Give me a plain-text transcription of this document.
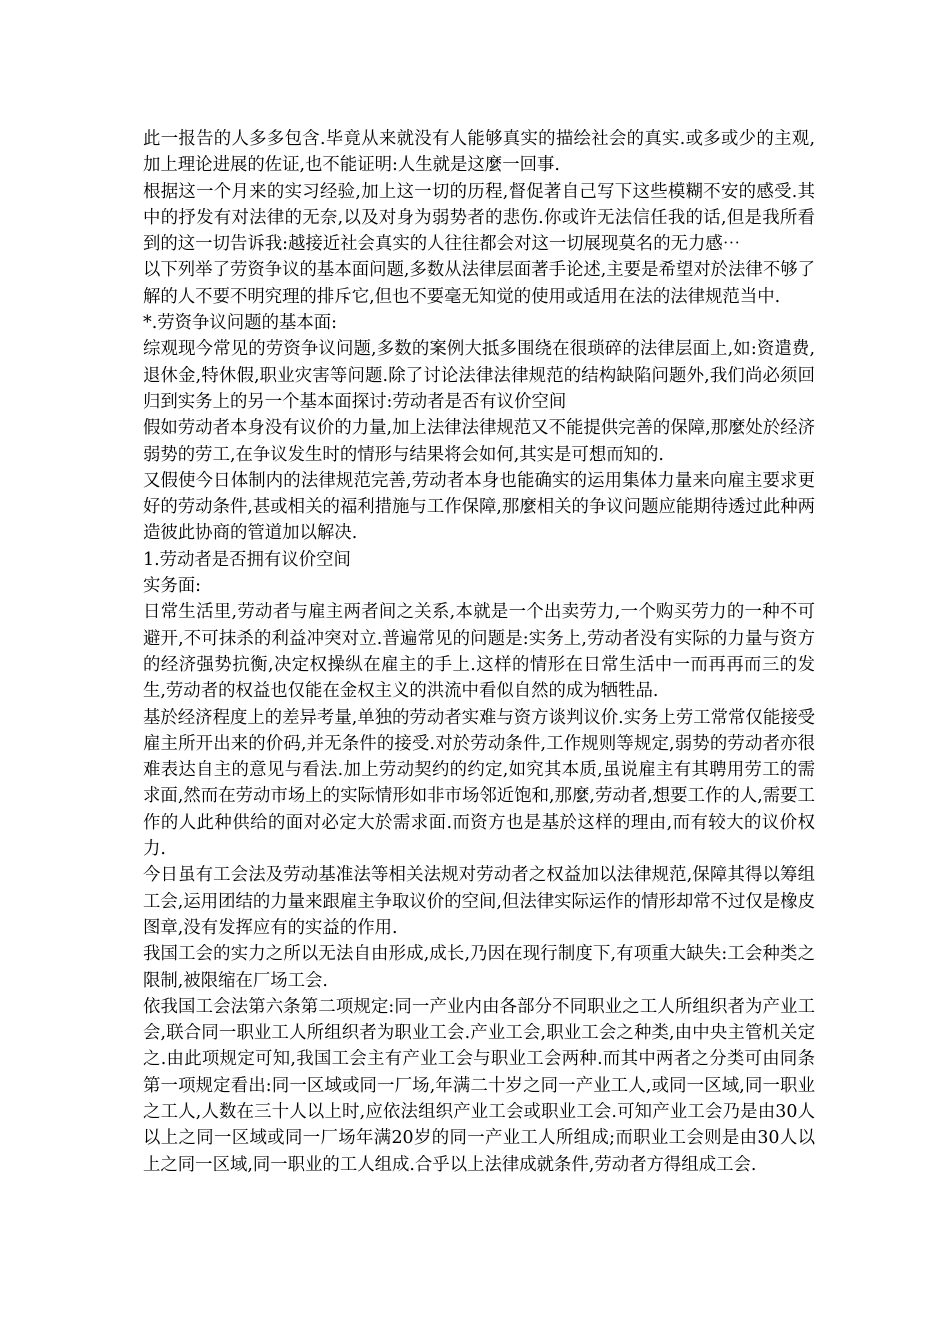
此一报告的人多多包含.毕竟从来就没有人能够真实的描绘社会的真实.或多或少的主观,加上理论进展的佐证,也不能证明:人生就是这麼一回事.

根据这一个月来的实习经验,加上这一切的历程,督促著自己写下这些模糊不安的感受.其中的抒发有对法律的无奈,以及对身为弱势者的悲伤.你或许无法信任我的话,但是我所看到的这一切告诉我:越接近社会真实的人往往都会对这一切展现莫名的无力感⋯

以下列举了劳资争议的基本面问题,多数从法律层面著手论述,主要是希望对於法律不够了解的人不要不明究理的排斥它,但也不要毫无知觉的使用或适用在法的法律规范当中.

*.劳资争议问题的基本面:

综观现今常见的劳资争议问题,多数的案例大抵多围绕在很琐碎的法律层面上,如:资遣费,退休金,特休假,职业灾害等问题.除了讨论法律法律规范的结构缺陷问题外,我们尚必须回归到实务上的另一个基本面探讨:劳动者是否有议价空间

假如劳动者本身没有议价的力量,加上法律法律规范又不能提供完善的保障,那麼处於经济弱势的劳工,在争议发生时的情形与结果将会如何,其实是可想而知的.

又假使今日体制内的法律规范完善,劳动者本身也能确实的运用集体力量来向雇主要求更好的劳动条件,甚或相关的福利措施与工作保障,那麼相关的争议问题应能期待透过此种两造彼此协商的管道加以解决.

1.劳动者是否拥有议价空间

实务面:

日常生活里,劳动者与雇主两者间之关系,本就是一个出卖劳力,一个购买劳力的一种不可避开,不可抹杀的利益冲突对立.普遍常见的问题是:实务上,劳动者没有实际的力量与资方的经济强势抗衡,决定权操纵在雇主的手上.这样的情形在日常生活中一而再再而三的发生,劳动者的权益也仅能在金权主义的洪流中看似自然的成为牺牲品.

基於经济程度上的差异考量,单独的劳动者实难与资方谈判议价.实务上劳工常常仅能接受雇主所开出来的价码,并无条件的接受.对於劳动条件,工作规则等规定,弱势的劳动者亦很难表达自主的意见与看法.加上劳动契约的约定,如究其本质,虽说雇主有其聘用劳工的需求面,然而在劳动市场上的实际情形如非市场邻近饱和,那麼,劳动者,想要工作的人,需要工作的人此种供给的面对必定大於需求面.而资方也是基於这样的理由,而有较大的议价权力.

今日虽有工会法及劳动基准法等相关法规对劳动者之权益加以法律规范,保障其得以筹组工会,运用团结的力量来跟雇主争取议价的空间,但法律实际运作的情形却常不过仅是橡皮图章,没有发挥应有的实益的作用.

我国工会的实力之所以无法自由形成,成长,乃因在现行制度下,有项重大缺失:工会种类之限制,被限缩在厂场工会.

依我国工会法第六条第二项规定:同一产业内由各部分不同职业之工人所组织者为产业工会,联合同一职业工人所组织者为职业工会.产业工会,职业工会之种类,由中央主管机关定之.由此项规定可知,我国工会主有产业工会与职业工会两种.而其中两者之分类可由同条第一项规定看出:同一区域或同一厂场,年满二十岁之同一产业工人,或同一区域,同一职业之工人,人数在三十人以上时,应依法组织产业工会或职业工会.可知产业工会乃是由30人以上之同一区域或同一厂场年满20岁的同一产业工人所组成;而职业工会则是由30人以上之同一区域,同一职业的工人组成.合乎以上法律成就条件,劳动者方得组成工会.
